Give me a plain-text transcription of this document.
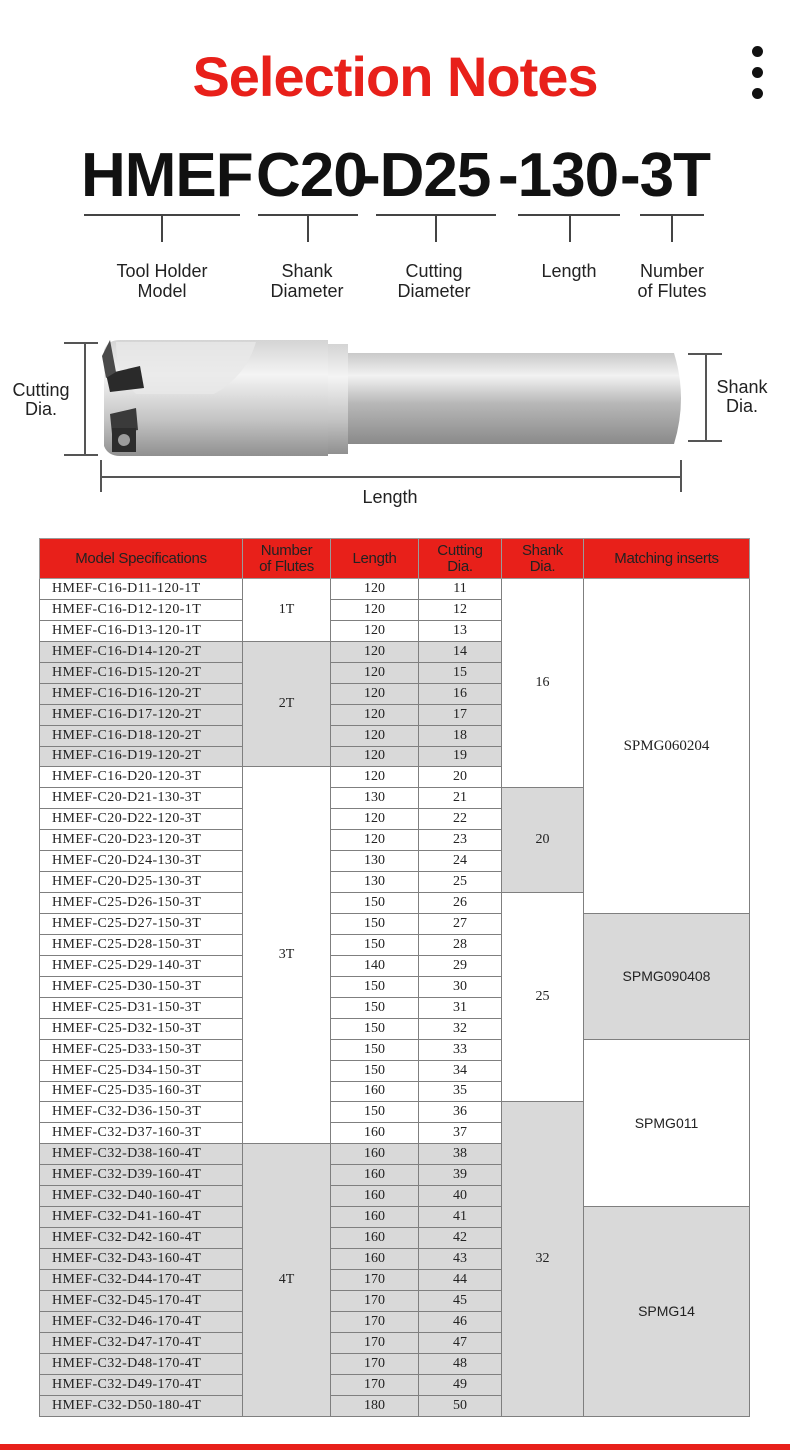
Selection Notes
HMEF C20
-D25 -130 -3T
Tool Holder
Model
Shank
Diameter
Cutting
Diameter
Length	Number
of Flutes
Cutting
Dia.
Shank
Dia.
Length
Model Specifications	Number
of Flutes	Length	Cutting
Dia.	Shank
Dia.	Matching inserts
HMEF-C16-D11-120-1T	1T	120	11	16	SPMG060204
HMEF-C16-D12-120-1T		120	12		
HMEF-C16-D13-120-1T		120	13		
HMEF-C16-D14-120-2T	2T	120	14		
HMEF-C16-D15-120-2T		120	15		
HMEF-C16-D16-120-2T		120	16		
HMEF-C16-D17-120-2T		120	17		
HMEF-C16-D18-120-2T		120	18		
HMEF-C16-D19-120-2T		120	19		
HMEF-C16-D20-120-3T	3T	120	20		
HMEF-C20-D21-130-3T		130	21	20	
HMEF-C20-D22-120-3T		120	22		
HMEF-C20-D23-120-3T		120	23		
HMEF-C20-D24-130-3T		130	24		
HMEF-C20-D25-130-3T		130	25		
HMEF-C25-D26-150-3T		150	26	25	
HMEF-C25-D27-150-3T		150	27		SPMG090408
HMEF-C25-D28-150-3T		150	28		
HMEF-C25-D29-140-3T		140	29		
HMEF-C25-D30-150-3T		150	30		
HMEF-C25-D31-150-3T		150	31		
HMEF-C25-D32-150-3T		150	32		
HMEF-C25-D33-150-3T		150	33		SPMG011
HMEF-C25-D34-150-3T		150	34		
HMEF-C25-D35-160-3T		160	35		
HMEF-C32-D36-150-3T		150	36	32	
HMEF-C32-D37-160-3T		160	37		
HMEF-C32-D38-160-4T	4T	160	38		
HMEF-C32-D39-160-4T		160	39		
HMEF-C32-D40-160-4T		160	40		
HMEF-C32-D41-160-4T		160	41		SPMG14
HMEF-C32-D42-160-4T		160	42		
HMEF-C32-D43-160-4T		160	43		
HMEF-C32-D44-170-4T		170	44		
HMEF-C32-D45-170-4T		170	45		
HMEF-C32-D46-170-4T		170	46		
HMEF-C32-D47-170-4T		170	47		
HMEF-C32-D48-170-4T		170	48		
HMEF-C32-D49-170-4T		170	49		
HMEF-C32-D50-180-4T		180	50		
